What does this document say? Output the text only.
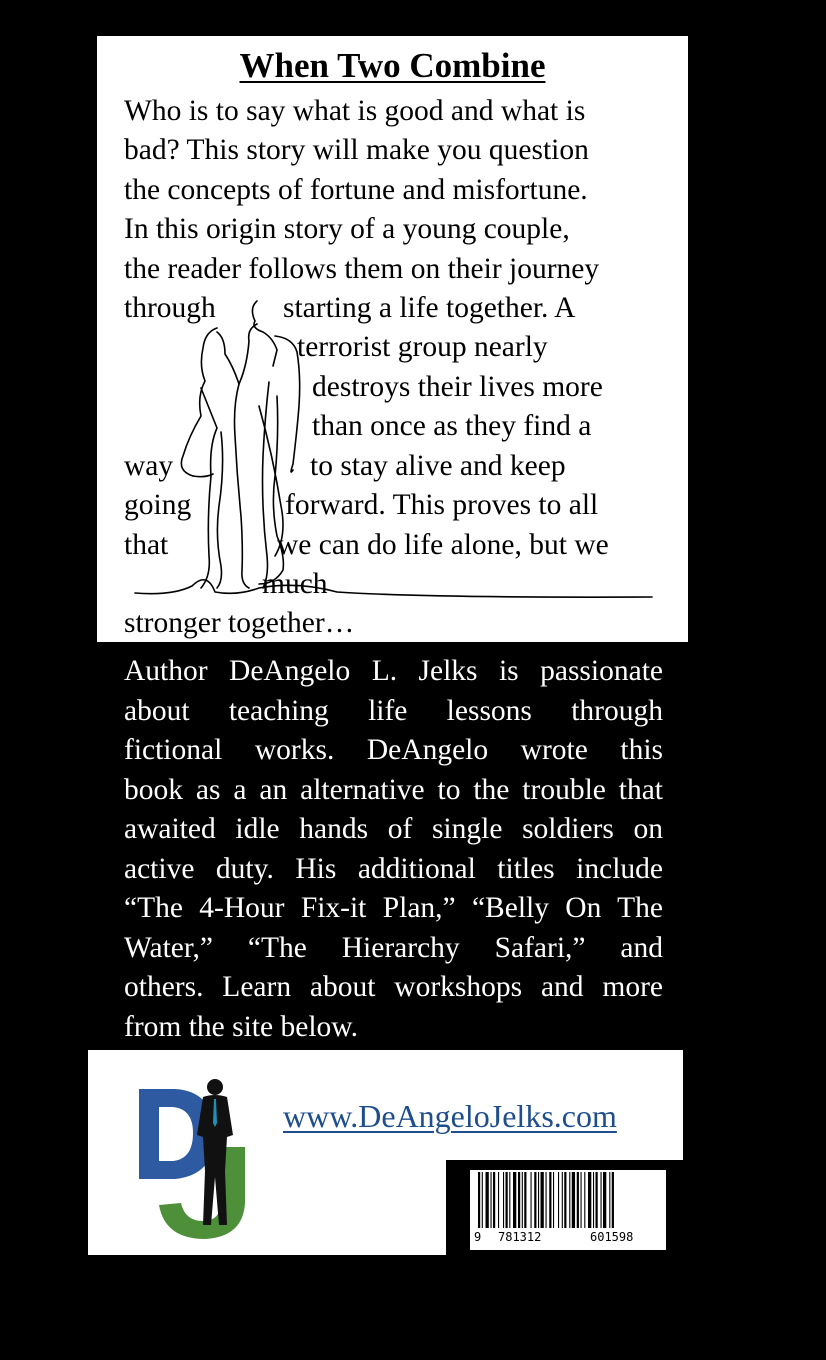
When Two Combine
Who is to say what is good and what is
bad? This story will make you question
the concepts of fortune and misfortune.
In this origin story of a young couple,
the reader follows them on their journey
through starting a life together. A
terrorist group nearly
destroys their lives more
than once as they find a
way	to stay alive and keep
going	forward. This proves to all
that	we can do life alone, but we
much
stronger together…
Author DeAngelo L. Jelks is passionate
about teaching life lessons through
fictional works. DeAngelo wrote this
book as a an alternative to the trouble that
awaited idle hands of single soldiers on
active duty. His additional titles include
“The 4-Hour Fix-it Plan,” “Belly On The
Water,” “The Hierarchy Safari,” and
others. Learn about workshops and more
from the site below.
www.DeAngeloJelks.com
9 781312	601598
